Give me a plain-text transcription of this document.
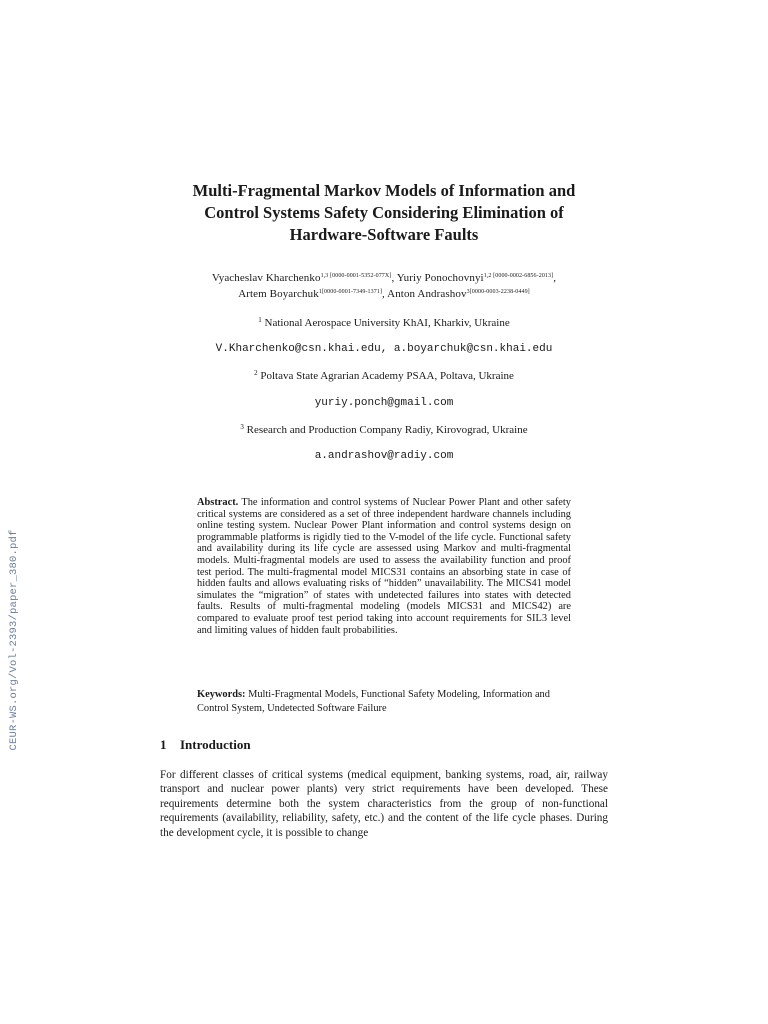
CEUR-WS.org/Vol-2393/paper_380.pdf
Multi-Fragmental Markov Models of Information and
Control Systems Safety Considering Elimination of
Hardware-Software Faults
Vyacheslav Kharchenko$^{1,3 [0000-0001-5352-077X]}$, Yuriy Ponochovnyi$^{1,2 [0000-0002-6856-2013]}$,
Artem Boyarchuk$^{1[0000-0001-7349-1371]}$, Anton Andrashov$^{3[0000-0003-2238-0449]}$
$^1$ National Aerospace University KhAI, Kharkiv, Ukraine
V.Kharchenko@csn.khai.edu, a.boyarchuk@csn.khai.edu
$^2$ Poltava State Agrarian Academy PSAA, Poltava, Ukraine
yuriy.ponch@gmail.com
$^3$ Research and Production Company Radiy, Kirovograd, Ukraine
a.andrashov@radiy.com

Abstract. The information and control systems of Nuclear Power Plant and other safety critical systems are considered as a set of three independent hardware channels including online testing system. Nuclear Power Plant information and control systems design on programmable platforms is rigidly tied to the V-model of the life cycle. Functional safety and availability during its life cycle are assessed using Markov and multi-fragmental models. Multi-fragmental models are used to assess the availability function and proof test period. The multi-fragmental model MICS31 contains an absorbing state in case of hidden faults and allows evaluating risks of “hidden” unavailability. The MICS41 model simulates the “migration” of states with undetected failures into states with detected faults. Results of multi-fragmental modeling (models MICS31 and MICS42) are compared to evaluate proof test period taking into account requirements for SIL3 level and limiting values of hidden fault probabilities.

Keywords: Multi-Fragmental Models, Functional Safety Modeling, Information and Control System, Undetected Software Failure

1 Introduction

For different classes of critical systems (medical equipment, banking systems, road, air, railway transport and nuclear power plants) very strict requirements have been developed. These requirements determine both the system characteristics from the group of non-functional requirements (availability, reliability, safety, etc.) and the content of the life cycle phases. During the development cycle, it is possible to change
